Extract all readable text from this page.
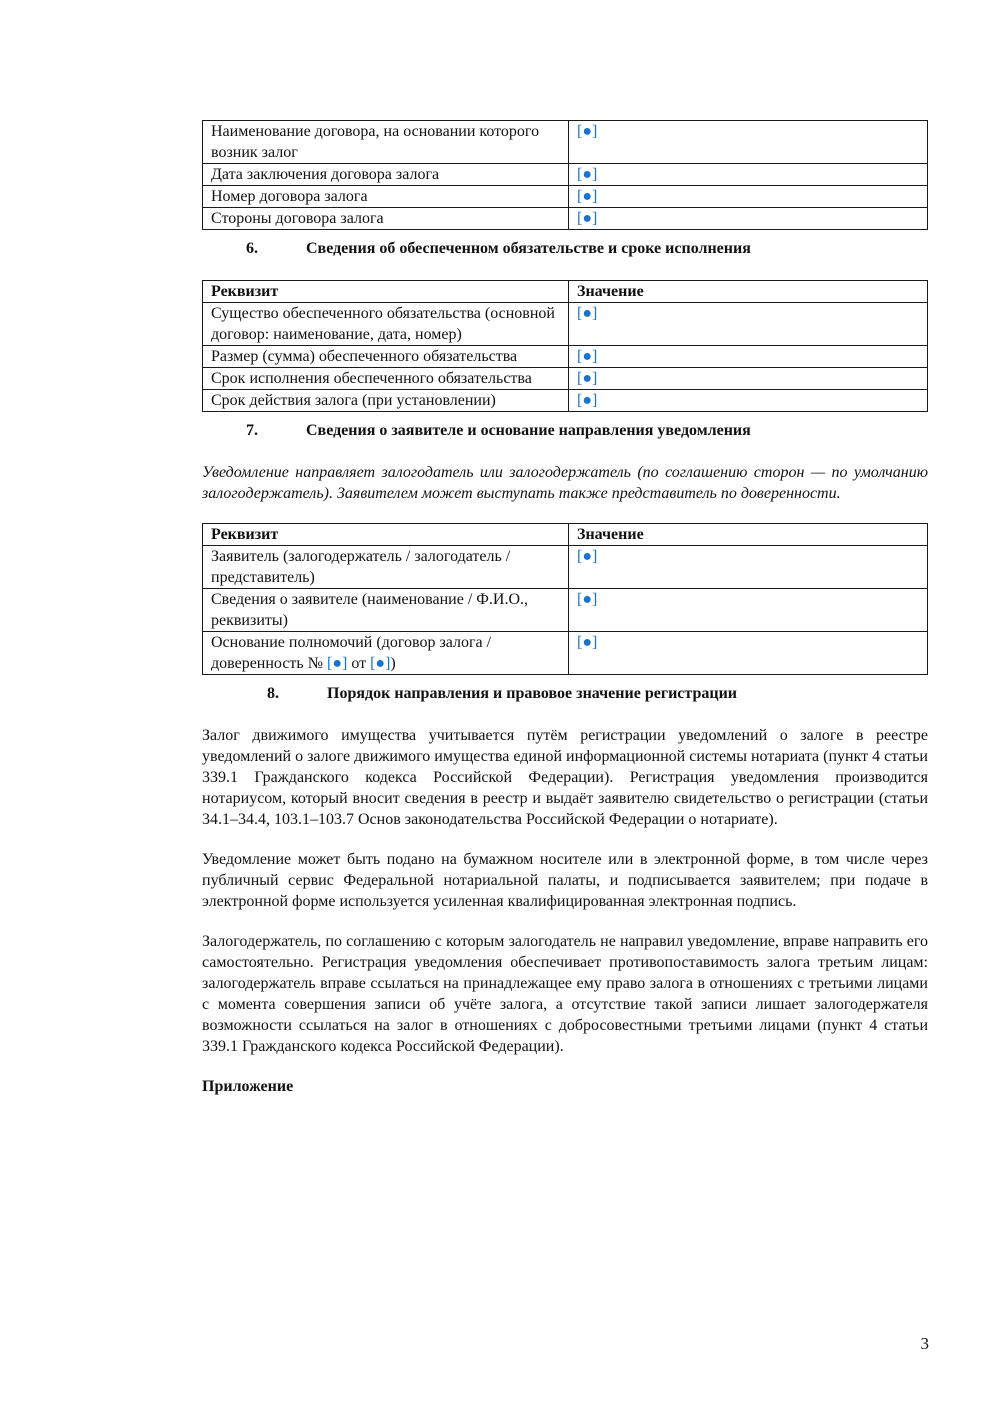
Наименование договора, на основании которого возник залог	[●]
Дата заключения договора залога	[●]
Номер договора залога	[●]
Стороны договора залога	[●]
6.	Сведения об обеспеченном обязательстве и сроке исполнения
Реквизит	Значение
Существо обеспеченного обязательства (основной договор: наименование, дата, номер)	[●]
Размер (сумма) обеспеченного обязательства	[●]
Срок исполнения обеспеченного обязательства	[●]
Срок действия залога (при установлении)	[●]
7.	Сведения о заявителе и основание направления уведомления

Уведомление направляет залогодатель или залогодержатель (по соглашению сторон — по умолчанию залогодержатель). Заявителем может выступать также представитель по доверенности.

Реквизит	Значение
Заявитель (залогодержатель / залогодатель / представитель)	[●]
Сведения о заявителе (наименование / Ф.И.О., реквизиты)	[●]
Основание полномочий (договор залога / доверенность № [●] от [●])	[●]
8.	Порядок направления и правовое значение регистрации

Залог движимого имущества учитывается путём регистрации уведомлений о залоге в реестре уведомлений о залоге движимого имущества единой информационной системы нотариата (пункт 4 статьи 339.1 Гражданского кодекса Российской Федерации). Регистрация уведомления производится нотариусом, который вносит сведения в реестр и выдаёт заявителю свидетельство о регистрации (статьи 34.1–34.4, 103.1–103.7 Основ законодательства Российской Федерации о нотариате).

Уведомление может быть подано на бумажном носителе или в электронной форме, в том числе через публичный сервис Федеральной нотариальной палаты, и подписывается заявителем; при подаче в электронной форме используется усиленная квалифицированная электронная подпись.

Залогодержатель, по соглашению с которым залогодатель не направил уведомление, вправе направить его самостоятельно. Регистрация уведомления обеспечивает противопоставимость залога третьим лицам: залогодержатель вправе ссылаться на принадлежащее ему право залога в отношениях с третьими лицами с момента совершения записи об учёте залога, а отсутствие такой записи лишает залогодержателя возможности ссылаться на залог в отношениях с добросовестными третьими лицами (пункт 4 статьи 339.1 Гражданского кодекса Российской Федерации).

Приложение
3
